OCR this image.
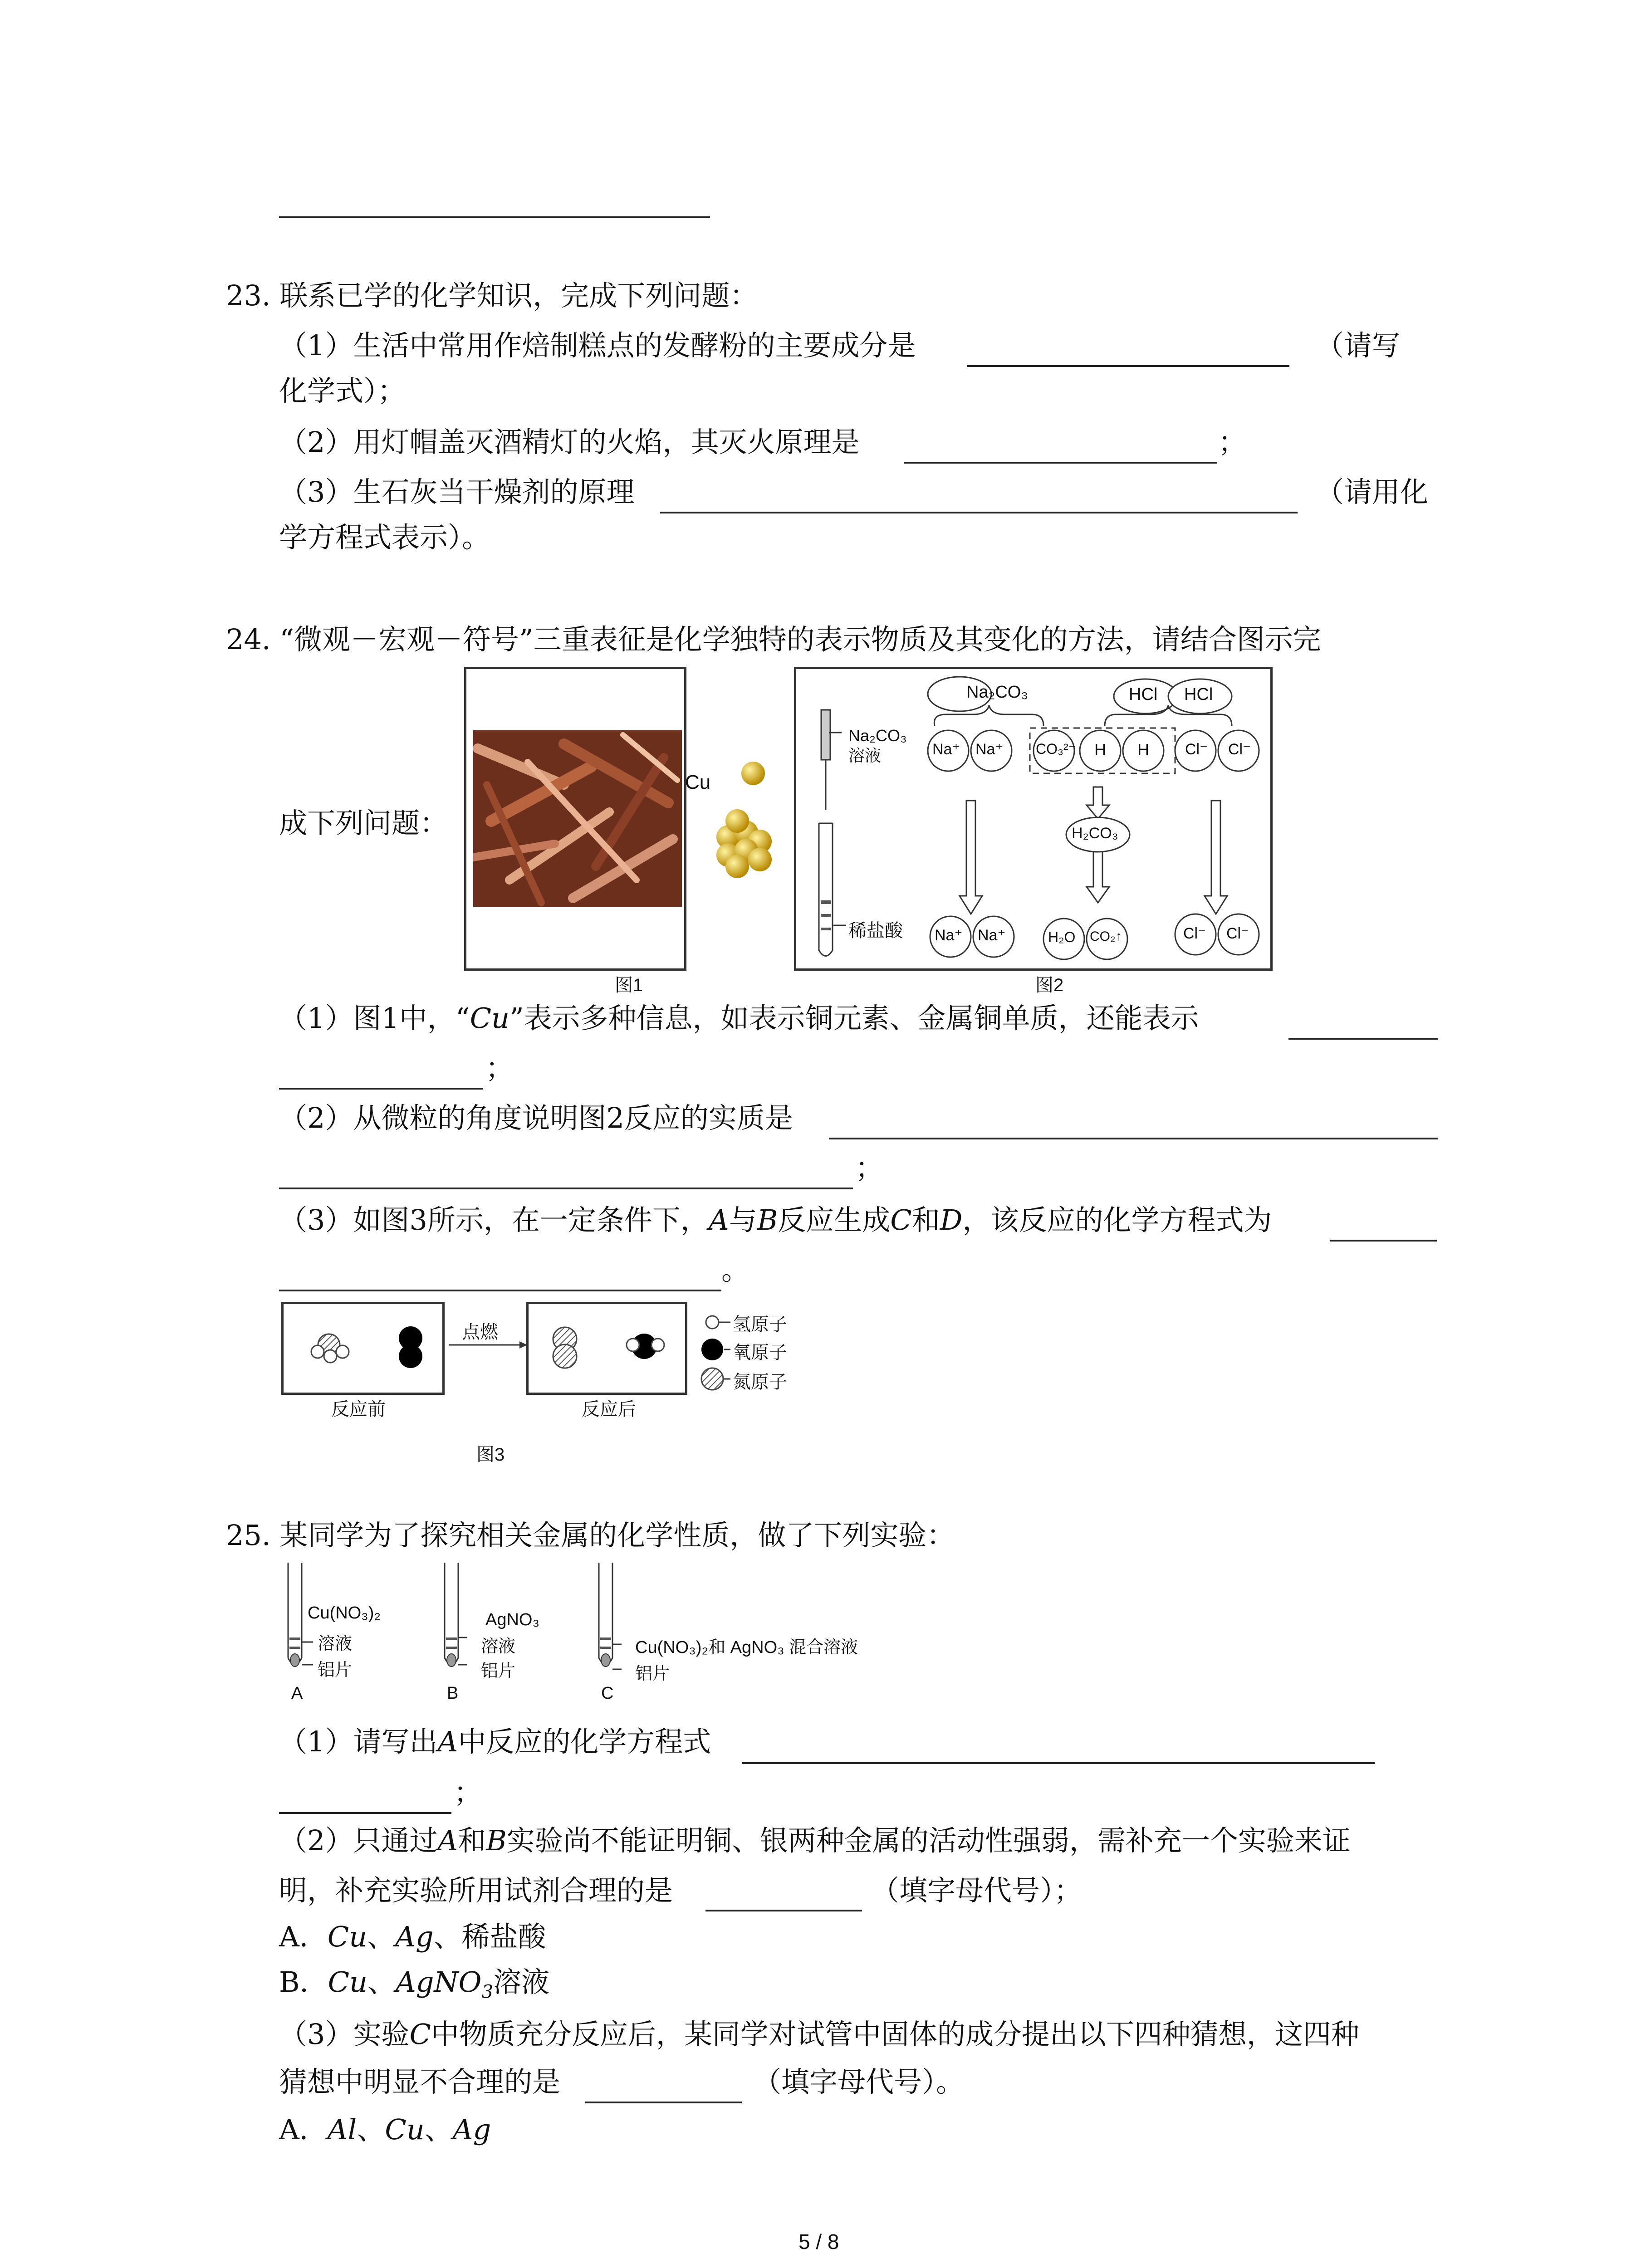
23. 联系已学的化学知识，完成下列问题：
（1）生活中常用作焙制糕点的发酵粉的主要成分是	（请写
化学式）；
（2）用灯帽盖灭酒精灯的火焰，其灭火原理是	；
（3）生石灰当干燥剂的原理	（请用化
学方程式表示）。
24. “微观－宏观－符号”三重表征是化学独特的表示物质及其变化的方法，请结合图示完
成下列问题：
Cu
图1
Na₂CO₃	HCl HCl
Na⁺ Na⁺ CO₃²⁻ H H Cl⁻ Cl⁻
H₂CO₃
Na⁺ Na⁺	H₂O CO₂↑	Cl⁻ Cl⁻
Na₂CO₃ 溶液
稀盐酸
图2
（1）图1中，“Cu”表示多种信息，如表示铜元素、金属铜单质，还能表示
；
（2）从微粒的角度说明图2反应的实质是
；
（3）如图3所示，在一定条件下，A与B反应生成C和D，该反应的化学方程式为
。
点燃
反应前	反应后
图3
氢原子
氧原子
氮原子
25. 某同学为了探究相关金属的化学性质，做了下列实验：
Cu(NO₃)₂
溶液
铝片
A
AgNO₃
溶液
铝片
B
Cu(NO₃)₂和 AgNO₃ 混合溶液
铝片
C
（1）请写出A中反应的化学方程式
；
（2）只通过A和B实验尚不能证明铜、银两种金属的活动性强弱，需补充一个实验来证
明，补充实验所用试剂合理的是	（填字母代号）；
A．Cu、Ag、稀盐酸
B．Cu、AgNO$_3$溶液
（3）实验C中物质充分反应后，某同学对试管中固体的成分提出以下四种猜想，这四种
猜想中明显不合理的是	（填字母代号）。
A．Al、Cu、Ag
5 / 8
